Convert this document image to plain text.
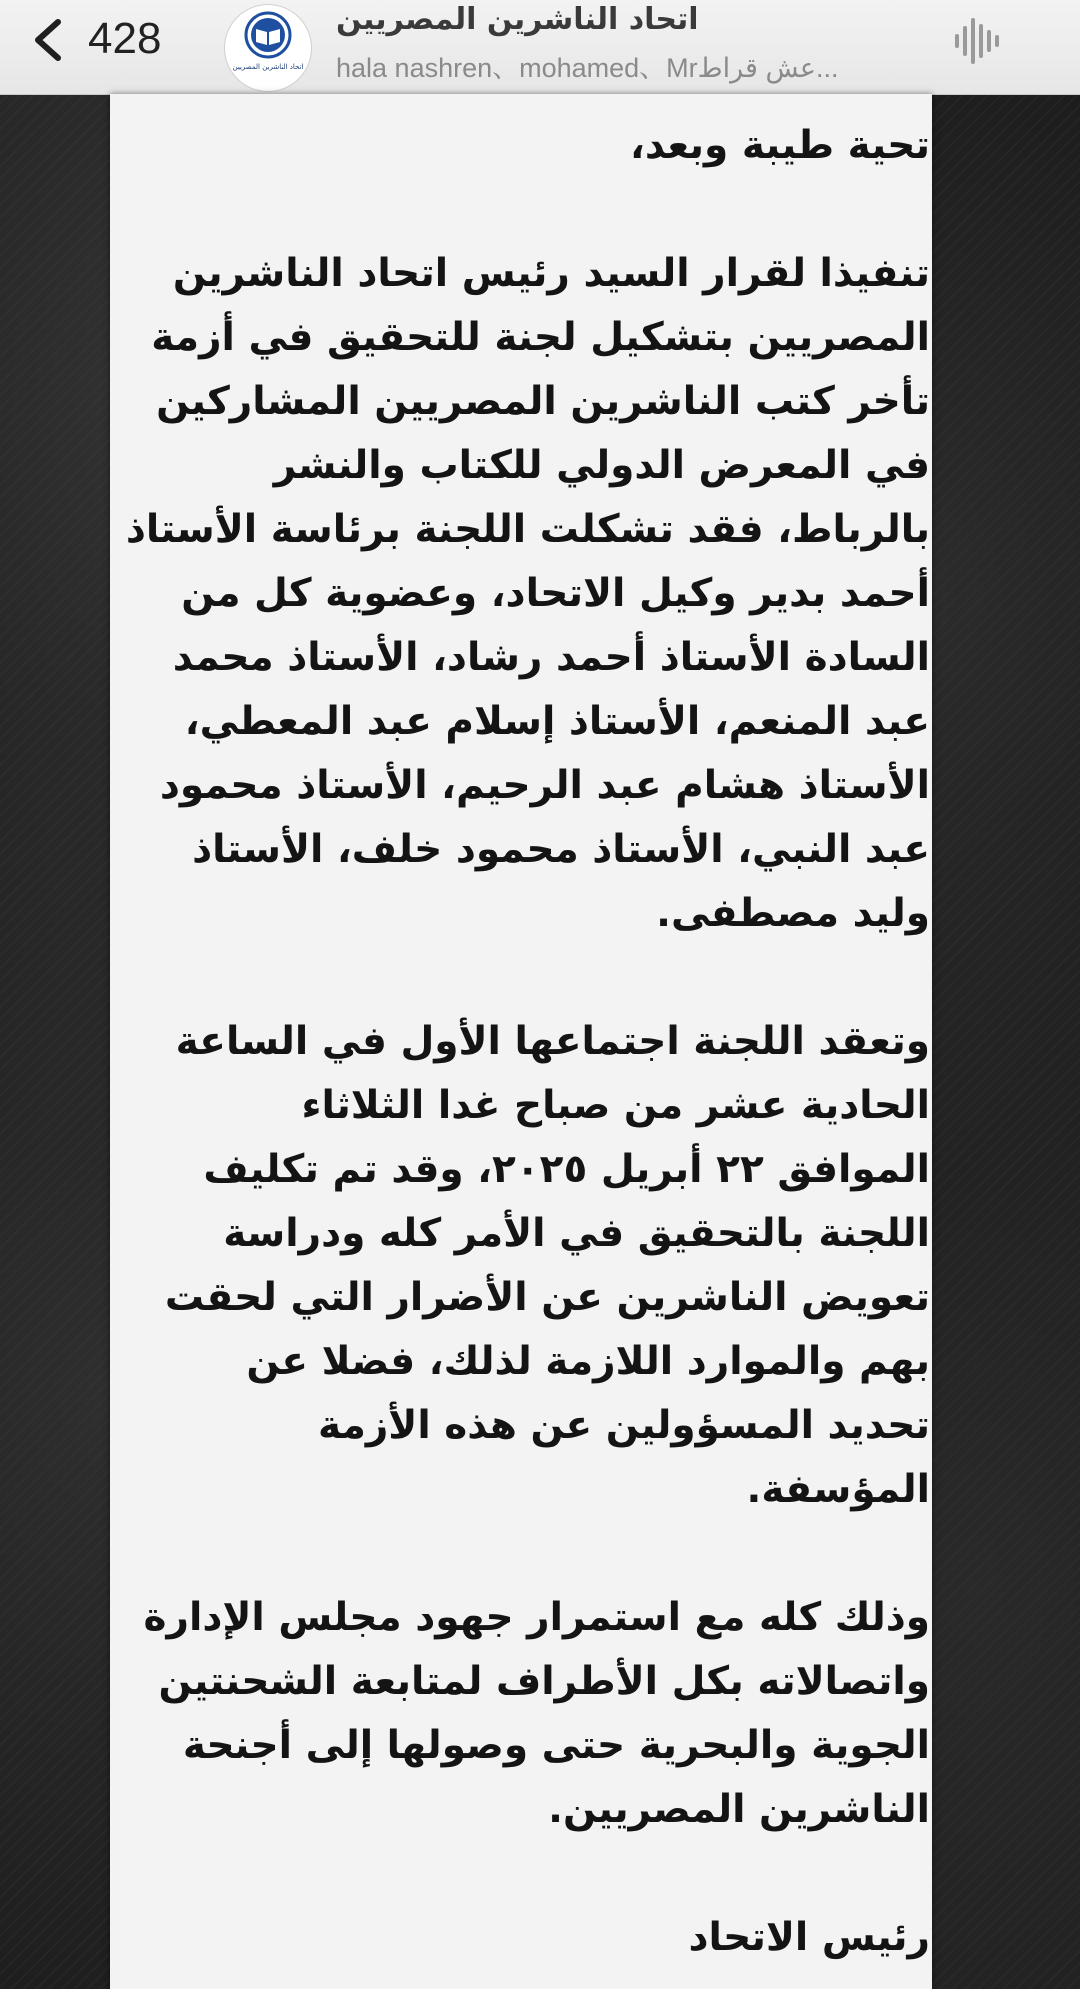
428
اتحاد الناشرين المصريين
اتحاد الناشرين المصريين
hala nashren、mohamed、Mrعش قراط...
تحية طيبة وبعد،
تنفيذا لقرار السيد رئيس اتحاد الناشرين
المصريين بتشكيل لجنة للتحقيق في أزمة
تأخر كتب الناشرين المصريين المشاركين
في المعرض الدولي للكتاب والنشر
بالرباط، فقد تشكلت اللجنة برئاسة الأستاذ
أحمد بدير وكيل الاتحاد، وعضوية كل من
السادة الأستاذ أحمد رشاد، الأستاذ محمد
عبد المنعم، الأستاذ إسلام عبد المعطي،
الأستاذ هشام عبد الرحيم، الأستاذ محمود
عبد النبي، الأستاذ محمود خلف، الأستاذ
وليد مصطفى.
وتعقد اللجنة اجتماعها الأول في الساعة
الحادية عشر من صباح غدا الثلاثاء
الموافق ٢٢ أبريل ٢٠٢٥، وقد تم تكليف
اللجنة بالتحقيق في الأمر كله ودراسة
تعويض الناشرين عن الأضرار التي لحقت
بهم والموارد اللازمة لذلك، فضلا عن
تحديد المسؤولين عن هذه الأزمة
المؤسفة.
وذلك كله مع استمرار جهود مجلس الإدارة
واتصالاته بكل الأطراف لمتابعة الشحنتين
الجوية والبحرية حتى وصولها إلى أجنحة
الناشرين المصريين.
رئيس الاتحاد
